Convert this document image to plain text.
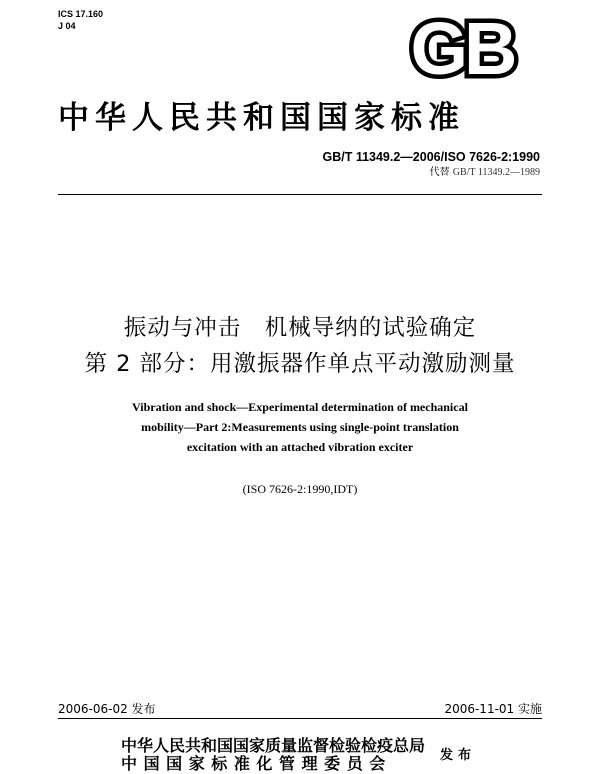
ICS 17.160
J 04	GB
中华人民共和国国家标准
GB/T 11349.2—2006/ISO 7626-2:1990
代替 GB/T 11349.2—1989
振动与冲击　机械导纳的试验确定
第 2 部分：用激振器作单点平动激励测量
Vibration and shock—Experimental determination of mechanical
mobility—Part 2:Measurements using single-point translation
excitation with an attached vibration exciter
(ISO 7626-2:1990,IDT)
2006-06-02 发布	2006-11-01 实施
中华人民共和国国家质量监督检验检疫总局
中 国 国 家 标 准 化 管 理 委 员 会	发布
